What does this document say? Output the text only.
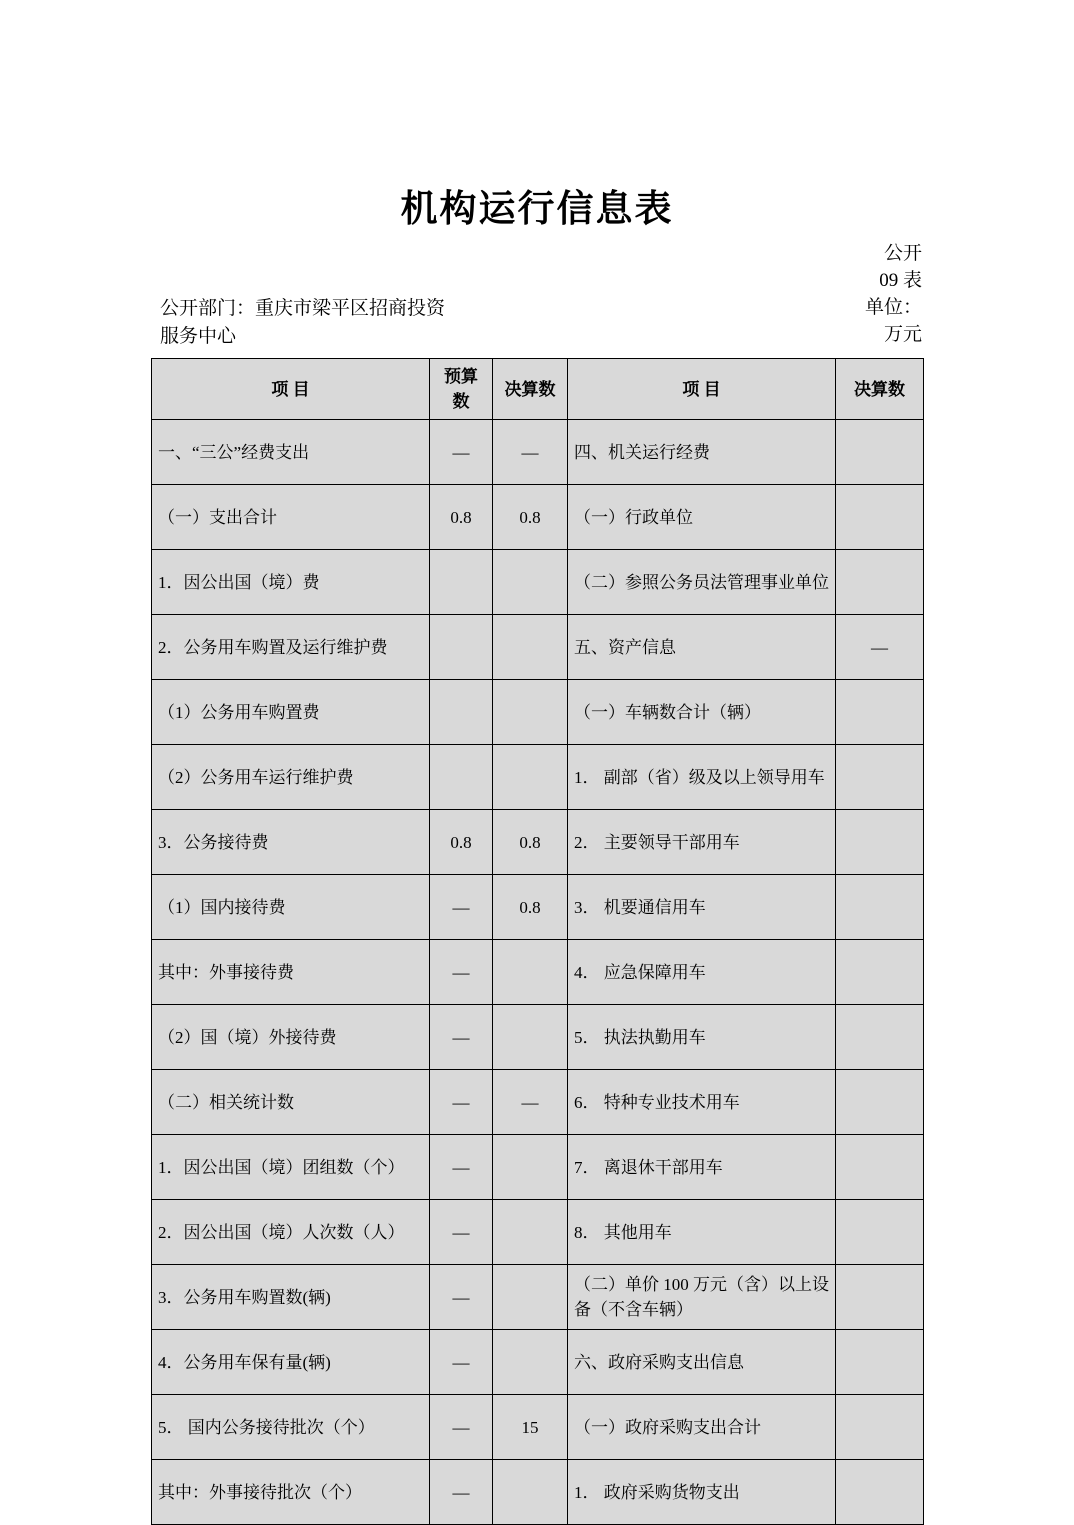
机构运行信息表
公开
09 表
单位：
万元
公开部门：重庆市梁平区招商投资服务中心
项 目	预算数	决算数	项 目	决算数
一、“三公”经费支出	—	—	四、机关运行经费	
（一）支出合计	0.8	0.8	（一）行政单位	
1．因公出国（境）费			（二）参照公务员法管理事业单位	
2．公务用车购置及运行维护费			五、资产信息	—
（1）公务用车购置费			（一）车辆数合计（辆）	
（2）公务用车运行维护费			1． 副部（省）级及以上领导用车	
3．公务接待费	0.8	0.8	2． 主要领导干部用车	
（1）国内接待费	—	0.8	3． 机要通信用车	
其中：外事接待费	—		4． 应急保障用车	
（2）国（境）外接待费	—		5． 执法执勤用车	
（二）相关统计数	—	—	6． 特种专业技术用车	
1．因公出国（境）团组数（个）	—		7． 离退休干部用车	
2．因公出国（境）人次数（人）	—		8． 其他用车	
3．公务用车购置数(辆)	—		（二）单价 100 万元（含）以上设备（不含车辆）	
4．公务用车保有量(辆)	—		六、政府采购支出信息	
5． 国内公务接待批次（个）	—	15	（一）政府采购支出合计	
其中：外事接待批次（个）	—		1． 政府采购货物支出	
